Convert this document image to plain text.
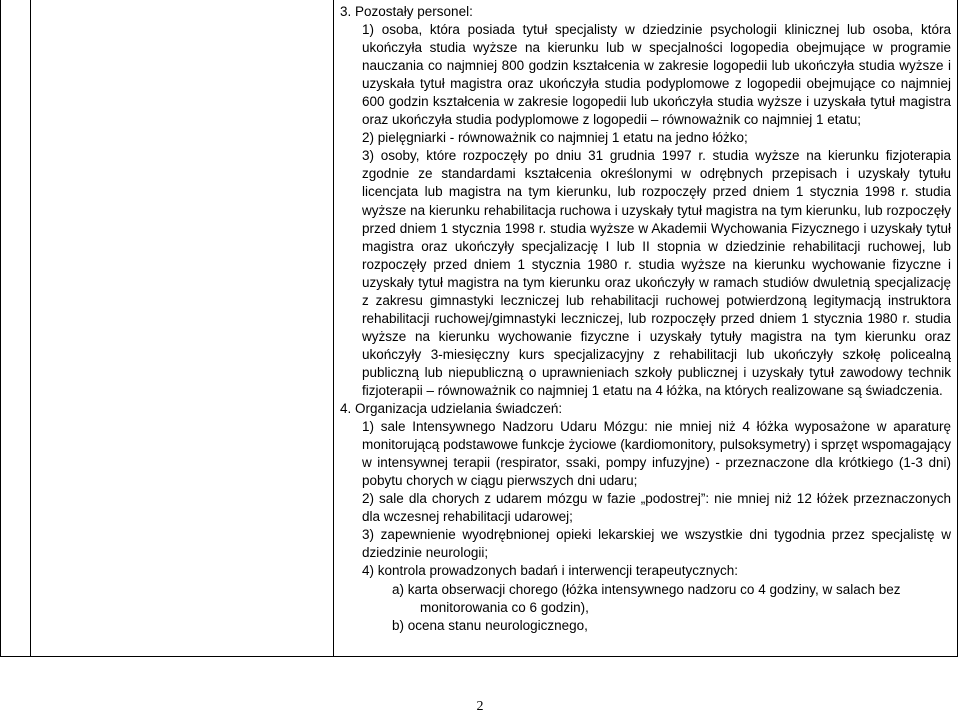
3. Pozostały personel:

1) osoba, która posiada tytuł specjalisty w dziedzinie psychologii klinicznej lub osoba, która ukończyła studia wyższe na kierunku lub w specjalności logopedia obejmujące w programie nauczania co najmniej 800 godzin kształcenia w zakresie logopedii lub ukończyła studia wyższe i uzyskała tytuł magistra oraz ukończyła studia podyplomowe z logopedii obejmujące co najmniej 600 godzin kształcenia w zakresie logopedii lub ukończyła studia wyższe i uzyskała tytuł magistra oraz ukończyła studia podyplomowe z logopedii – równoważnik co najmniej 1 etatu;

2) pielęgniarki - równoważnik co najmniej 1 etatu na jedno łóżko;

3) osoby, które rozpoczęły po dniu 31 grudnia 1997 r. studia wyższe na kierunku fizjoterapia zgodnie ze standardami kształcenia określonymi w odrębnych przepisach i uzyskały tytułu licencjata lub magistra na tym kierunku, lub rozpoczęły przed dniem 1 stycznia 1998 r. studia wyższe na kierunku rehabilitacja ruchowa i uzyskały tytuł magistra na tym kierunku, lub rozpoczęły przed dniem 1 stycznia 1998 r. studia wyższe w Akademii Wychowania Fizycznego i uzyskały tytuł magistra oraz ukończyły specjalizację I lub II stopnia w dziedzinie rehabilitacji ruchowej, lub rozpoczęły przed dniem 1 stycznia 1980 r. studia wyższe na kierunku wychowanie fizyczne i uzyskały tytuł magistra na tym kierunku oraz ukończyły w ramach studiów dwuletnią specjalizację z zakresu gimnastyki leczniczej lub rehabilitacji ruchowej potwierdzoną legitymacją instruktora rehabilitacji ruchowej/gimnastyki leczniczej, lub rozpoczęły przed dniem 1 stycznia 1980 r. studia wyższe na kierunku wychowanie fizyczne i uzyskały tytuły magistra na tym kierunku oraz ukończyły 3-miesięczny kurs specjalizacyjny z rehabilitacji lub ukończyły szkołę policealną publiczną lub niepubliczną o uprawnieniach szkoły publicznej i uzyskały tytuł zawodowy technik fizjoterapii – równoważnik co najmniej 1 etatu na 4 łóżka, na których realizowane są świadczenia.

4. Organizacja udzielania świadczeń:

1) sale Intensywnego Nadzoru Udaru Mózgu: nie mniej niż 4 łóżka wyposażone w aparaturę monitorującą podstawowe funkcje życiowe (kardiomonitory, pulsoksymetry) i sprzęt wspomagający w intensywnej terapii (respirator, ssaki, pompy infuzyjne) - przeznaczone dla krótkiego (1-3 dni) pobytu chorych w ciągu pierwszych dni udaru;

2) sale dla chorych z udarem mózgu w fazie „podostrej”: nie mniej niż 12 łóżek przeznaczonych dla wczesnej rehabilitacji udarowej;

3) zapewnienie wyodrębnionej opieki lekarskiej we wszystkie dni tygodnia przez specjalistę w dziedzinie neurologii;

4) kontrola prowadzonych badań i interwencji terapeutycznych:

a) karta obserwacji chorego (łóżka intensywnego nadzoru co 4 godziny, w salach bez monitorowania co 6 godzin),

b) ocena stanu neurologicznego,

2
